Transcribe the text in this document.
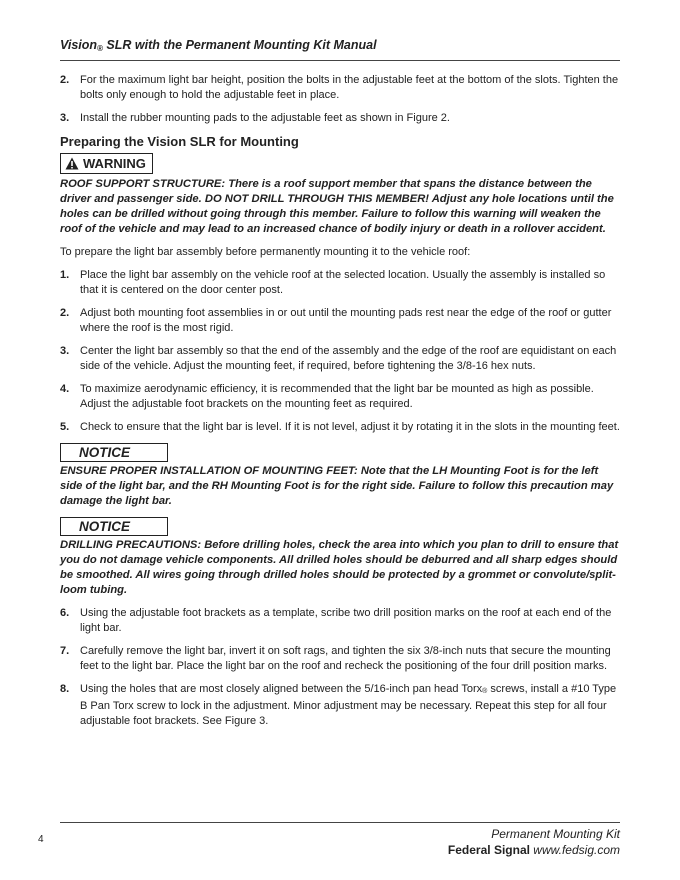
Vision$_®$ SLR with the Permanent Mounting Kit Manual
2. For the maximum light bar height, position the bolts in the adjustable feet at the bottom of the slots. Tighten the bolts only enough to hold the adjustable feet in place.
3. Install the rubber mounting pads to the adjustable feet as shown in Figure 2.
Preparing the Vision SLR for Mounting
WARNING

ROOF SUPPORT STRUCTURE: There is a roof support member that spans the distance between the driver and passenger side. DO NOT DRILL THROUGH THIS MEMBER! Adjust any hole locations until the holes can be drilled without going through this member. Failure to follow this warning will weaken the roof of the vehicle and may lead to an increased chance of bodily injury or death in a rollover accident.

To prepare the light bar assembly before permanently mounting it to the vehicle roof:

1. Place the light bar assembly on the vehicle roof at the selected location. Usually the assembly is installed so that it is centered on the door center post.
2. Adjust both mounting foot assemblies in or out until the mounting pads rest near the edge of the roof or gutter where the roof is the most rigid.
3. Center the light bar assembly so that the end of the assembly and the edge of the roof are equidistant on each side of the vehicle. Adjust the mounting feet, if required, before tightening the 3/8-16 hex nuts.
4. To maximize aerodynamic efficiency, it is recommended that the light bar be mounted as high as possible. Adjust the adjustable foot brackets on the mounting feet as required.
5. Check to ensure that the light bar is level. If it is not level, adjust it by rotating it in the slots in the mounting feet.
NOTICE

ENSURE PROPER INSTALLATION OF MOUNTING FEET: Note that the LH Mounting Foot is for the left side of the light bar, and the RH Mounting Foot is for the right side. Failure to follow this precaution may damage the light bar.

NOTICE

DRILLING PRECAUTIONS: Before drilling holes, check the area into which you plan to drill to ensure that you do not damage vehicle components. All drilled holes should be deburred and all sharp edges should be smoothed. All wires going through drilled holes should be protected by a grommet or convolute/split-loom tubing.

6. Using the adjustable foot brackets as a template, scribe two drill position marks on the roof at each end of the light bar.
7. Carefully remove the light bar, invert it on soft rags, and tighten the six 3/8-inch nuts that secure the mounting feet to the light bar. Place the light bar on the roof and recheck the positioning of the four drill position marks.
8. Using the holes that are most closely aligned between the 5/16-inch pan head Torx$_®$ screws, install a #10 Type B Pan Torx screw to lock in the adjustment. Minor adjustment may be necessary. Repeat this step for all four adjustable foot brackets. See Figure 3.
4	Permanent Mounting Kit
Federal Signal www.fedsig.com
